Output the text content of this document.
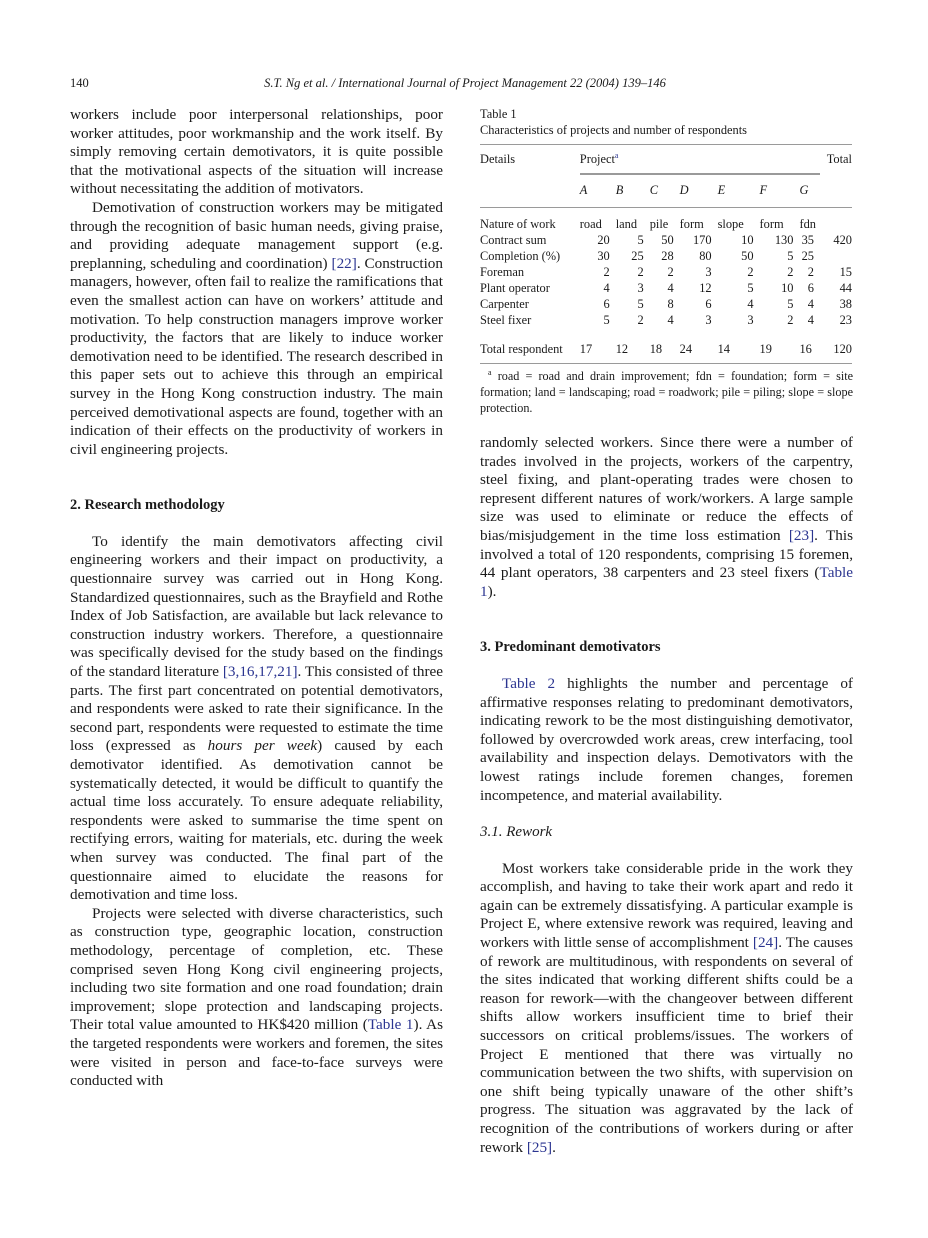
140	S.T. Ng et al. / International Journal of Project Management 22 (2004) 139–146

workers include poor interpersonal relationships, poor worker attitudes, poor workmanship and the work itself. By simply removing certain demotivators, it is quite possible that the motivational aspects of the situation will increase without necessitating the addition of motivators.

Demotivation of construction workers may be mitigated through the recognition of basic human needs, giving praise, and providing adequate management support (e.g. preplanning, scheduling and coordination) [22]. Construction managers, however, often fail to realize the ramifications that even the smallest action can have on workers’ attitude and motivation. To help construction managers improve worker productivity, the factors that are likely to induce worker demotivation need to be identified. The research described in this paper sets out to achieve this through an empirical survey in the Hong Kong construction industry. The main perceived demotivational aspects are found, together with an indication of their effects on the productivity of workers in civil engineering projects.

2. Research methodology

To identify the main demotivators affecting civil engineering workers and their impact on productivity, a questionnaire survey was carried out in Hong Kong. Standardized questionnaires, such as the Brayfield and Rothe Index of Job Satisfaction, are available but lack relevance to construction industry workers. Therefore, a questionnaire was specifically devised for the study based on the findings of the standard literature [3,16,17,21]. This consisted of three parts. The first part concentrated on potential demotivators, and respondents were asked to rate their significance. In the second part, respondents were requested to estimate the time loss (expressed as hours per week) caused by each demotivator identified. As demotivation cannot be systematically detected, it would be difficult to quantify the actual time loss accurately. To ensure adequate reliability, respondents were asked to summarise the time spent on rectifying errors, waiting for materials, etc. during the week when survey was conducted. The final part of the questionnaire aimed to elucidate the reasons for demotivation and time loss.

Projects were selected with diverse characteristics, such as construction type, geographic location, construction methodology, percentage of completion, etc. These comprised seven Hong Kong civil engineering projects, including two site formation and one road foundation; drain improvement; slope protection and landscaping projects. Their total value amounted to HK$420 million (Table 1). As the targeted respondents were workers and foremen, the sites were visited in person and face-to-face surveys were conducted with

Table 1
Characteristics of projects and number of respondents
Details	Project$^a$							Total
	A	B	C	D	E	F	G	
Nature of work	road	land	pile	form	slope	form	fdn	
Contract sum	20	5	50	170	10	130	35	420
Completion (%)	30	25	28	80	50	5	25	
Foreman	2	2	2	3	2	2	2	15
Plant operator	4	3	4	12	5	10	6	44
Carpenter	6	5	8	6	4	5	4	38
Steel fixer	5	2	4	3	3	2	4	23
Total respondent	17	12	18	24	14	19	16	120
$^a$ road = road and drain improvement; fdn = foundation; form = site formation; land = landscaping; road = roadwork; pile = piling; slope = slope protection.

randomly selected workers. Since there were a number of trades involved in the projects, workers of the carpentry, steel fixing, and plant-operating trades were chosen to represent different natures of work/workers. A large sample size was used to eliminate or reduce the effects of bias/misjudgement in the time loss estimation [23]. This involved a total of 120 respondents, comprising 15 foremen, 44 plant operators, 38 carpenters and 23 steel fixers (Table 1).

3. Predominant demotivators

Table 2 highlights the number and percentage of affirmative responses relating to predominant demotivators, indicating rework to be the most distinguishing demotivator, followed by overcrowded work areas, crew interfacing, tool availability and inspection delays. Demotivators with the lowest ratings include foremen changes, foremen incompetence, and material availability.

3.1. Rework

Most workers take considerable pride in the work they accomplish, and having to take their work apart and redo it again can be extremely dissatisfying. A particular example is Project E, where extensive rework was required, leaving and workers with little sense of accomplishment [24]. The causes of rework are multitudinous, with respondents on several of the sites indicated that working different shifts could be a reason for rework—with the changeover between different shifts allow workers insufficient time to brief their successors on critical problems/issues. The workers of Project E mentioned that there was virtually no communication between the two shifts, with supervision on one shift being typically unaware of the other shift’s progress. The situation was aggravated by the lack of recognition of the contributions of workers during or after rework [25].
